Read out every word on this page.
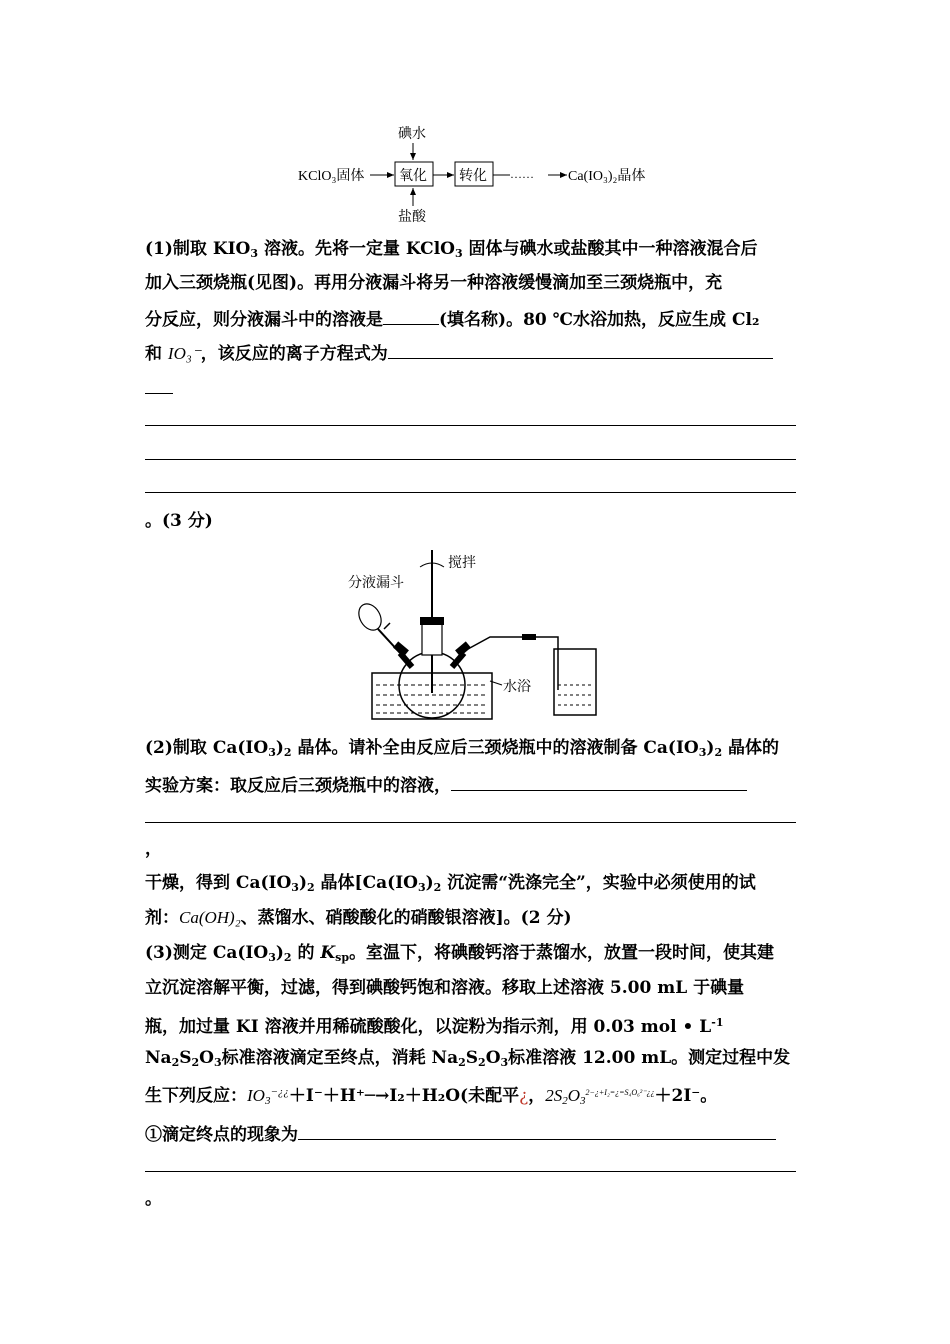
碘水
KClO₃固体 氧化 转化 …… Ca(IO₃)₂晶体
盐酸
(1)制取 $KIO_3$ 溶液。先将一定量 KClO$_3$ 固体与碘水或盐酸其中一种溶液混合后
加入三颈烧瓶(见图)。再用分液漏斗将另一种溶液缓慢滴加至三颈烧瓶中，充
分反应，则分液漏斗中的溶液是	(填名称)。80 ℃水浴加热，反应生成 Cl₂
和 IO₃⁻，该反应的离子方程式为
。(3 分)
搅拌
分液漏斗
水浴
(2)制取 $Ca(IO_3)_2$ 晶体。请补全由反应后三颈烧瓶中的溶液制备 $Ca(IO_3)_2$ 晶体的
实验方案：取反应后三颈烧瓶中的溶液，
，
干燥，得到 $Ca(IO_3)_2$ 晶体[$Ca(IO_3)_2$ 沉淀需“洗涤完全”，实验中必须使用的试
剂：Ca(OH)₂、蒸馏水、硝酸酸化的硝酸银溶液]。(2 分)
(3)测定 $Ca(IO_3)_2$ 的 $K_{sp}$。室温下，将碘酸钙溶于蒸馏水，放置一段时间，使其建
立沉淀溶解平衡，过滤，得到碘酸钙饱和溶液。移取上述溶液 5.00 mL 于碘量
瓶，加过量 KI 溶液并用稀硫酸酸化，以淀粉为指示剂，用 0.03 mol • $L^{-1}$
$Na_2S_2O_3$标准溶液滴定至终点，消耗 $Na_2S_2O_3$标准溶液 12.00 mL。测定过程中发
生下列反应：$IO_3^{-¿¿}+I^-+H^+─\to I_2+H_2O$(未配平¿，$2S_2O_3^{2-¿+I_2=¿=S_4O_6^{2-}¿¿}+2I^-$。
①滴定终点的现象为
。
